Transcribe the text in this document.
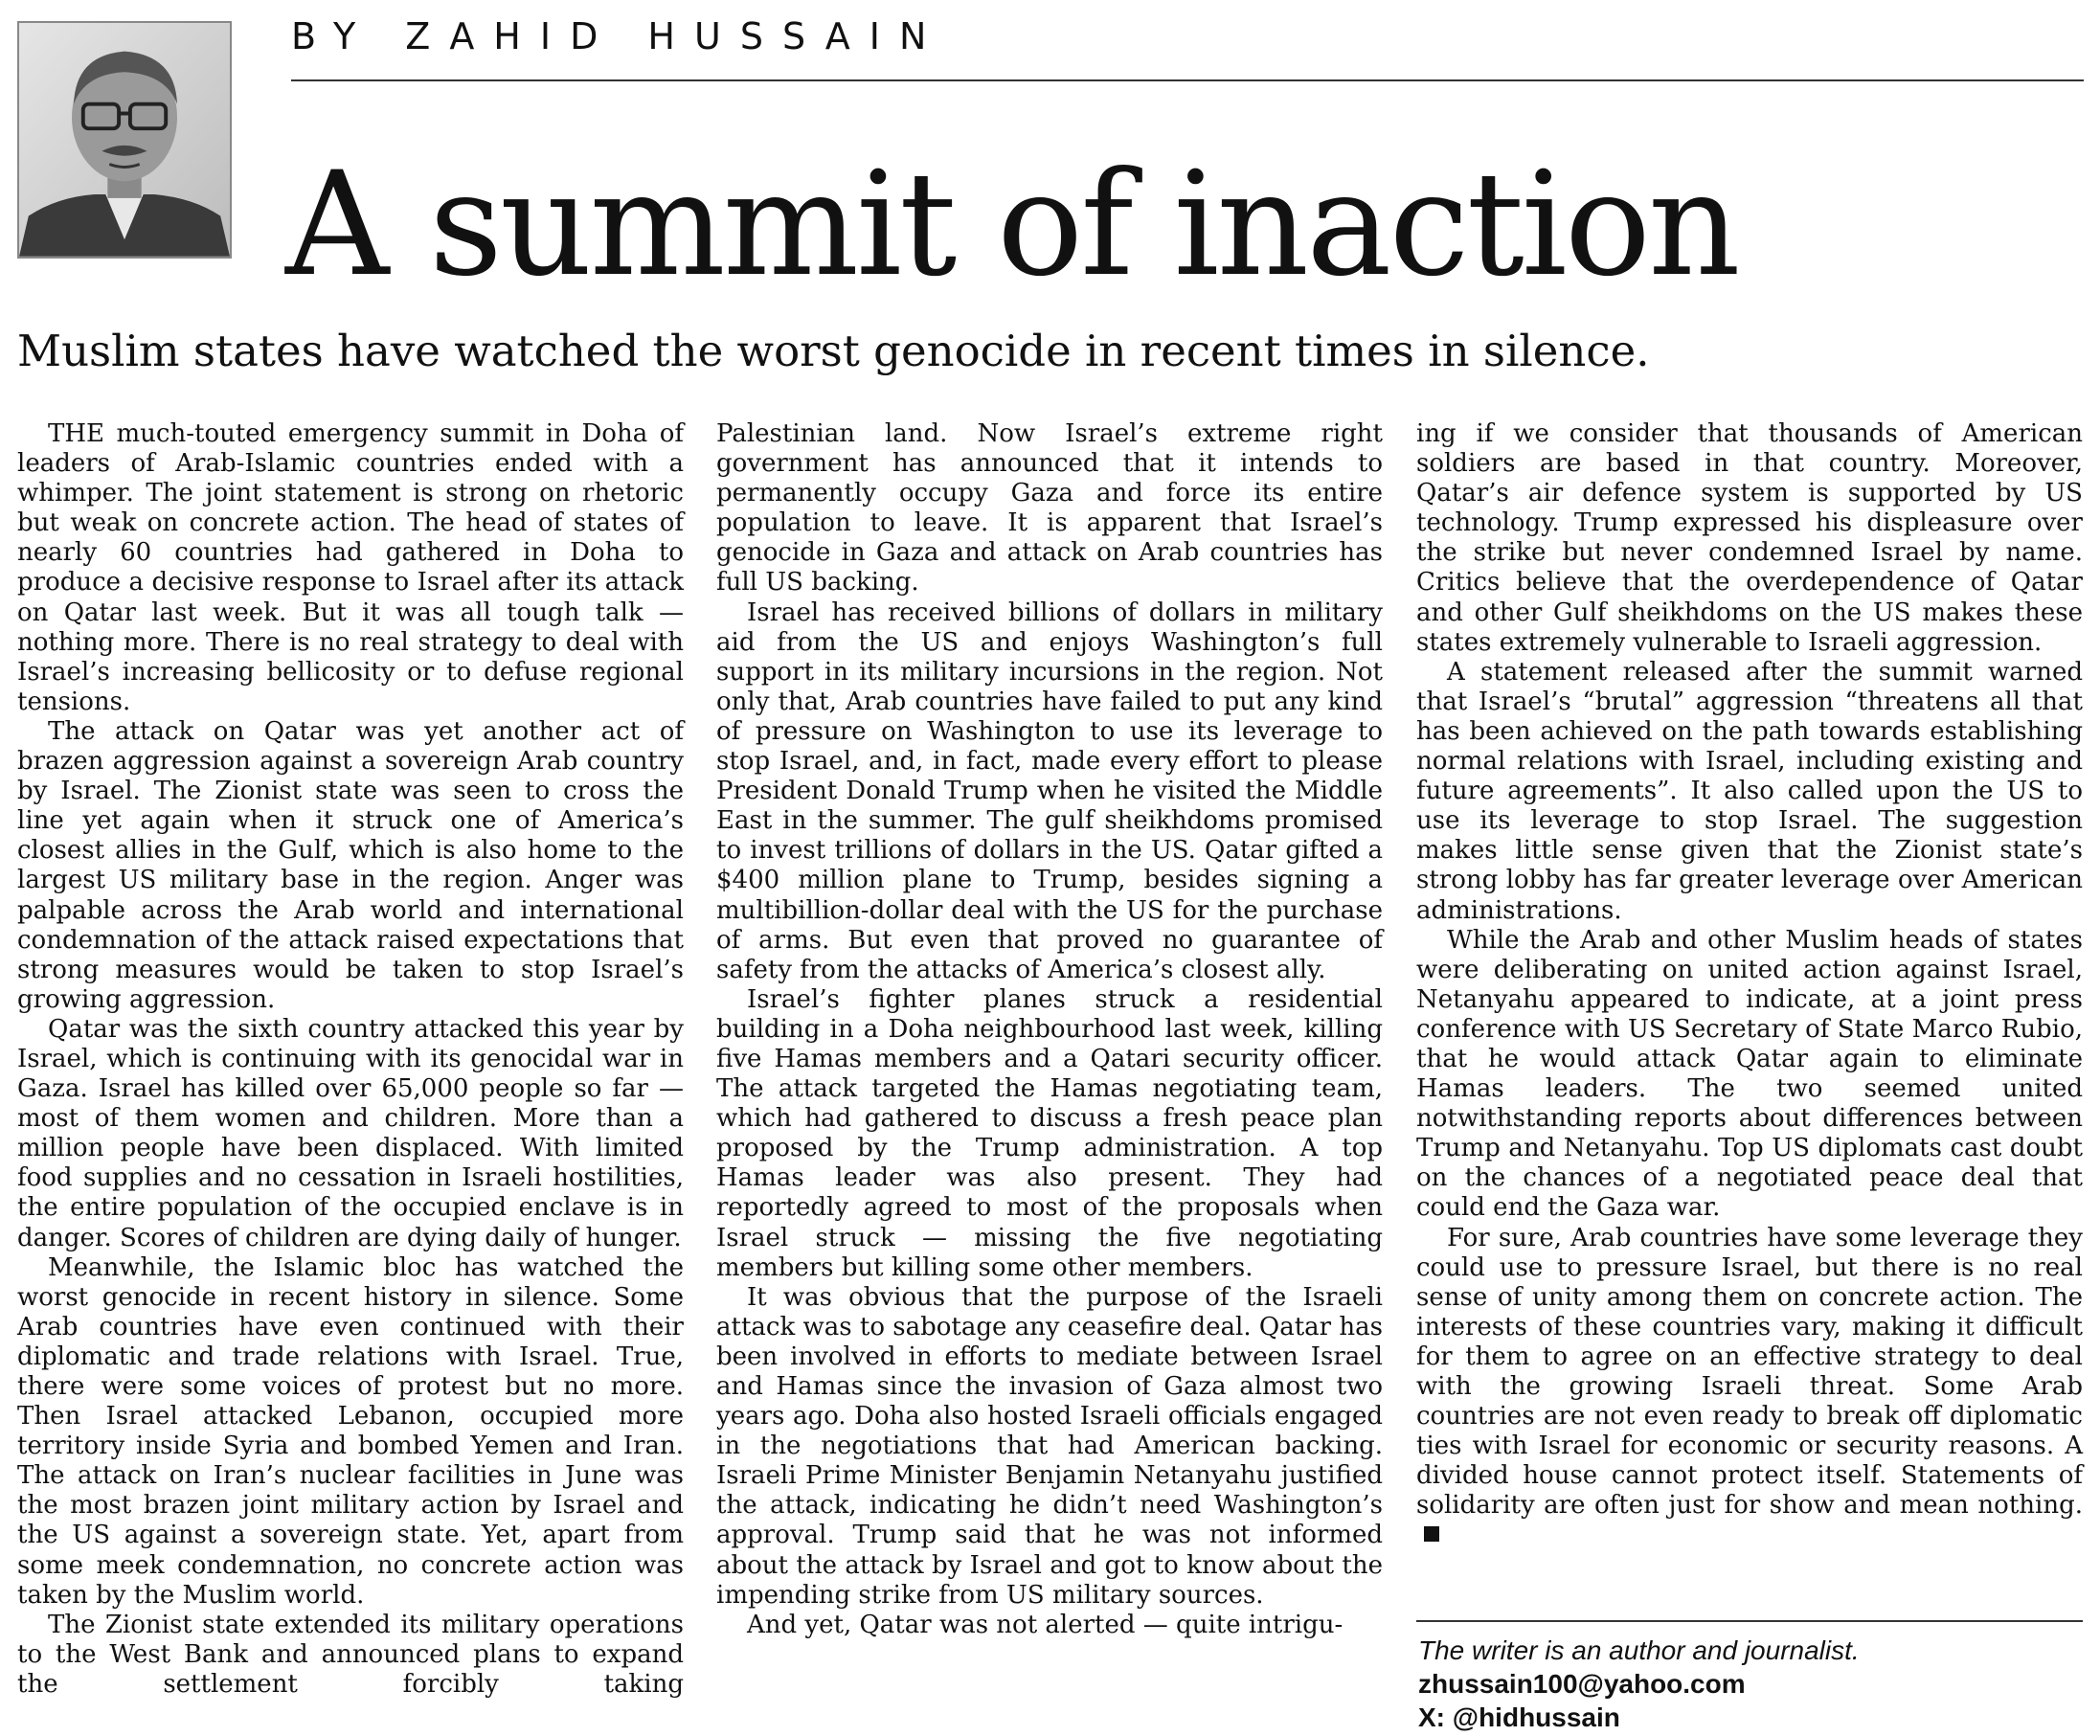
BY ZAHID HUSSAIN
A summit of inaction
Muslim states have watched the worst genocide in recent times in silence.

THE much-touted emergency summit in Doha of leaders of Arab-Islamic countries ended with a whimper. The joint statement is strong on rhetoric but weak on concrete action. The head of states of nearly 60 countries had gathered in Doha to produce a decisive response to Israel after its attack on Qatar last week. But it was all tough talk — nothing more. There is no real strategy to deal with Israel’s increasing bellicosity or to defuse regional tensions.

The attack on Qatar was yet another act of brazen aggression against a sovereign Arab country by Israel. The Zionist state was seen to cross the line yet again when it struck one of America’s closest allies in the Gulf, which is also home to the largest US military base in the region. Anger was palpable across the Arab world and international condemnation of the attack raised expectations that strong measures would be taken to stop Israel’s growing aggression.

Qatar was the sixth country attacked this year by Israel, which is continuing with its genocidal war in Gaza. Israel has killed over 65,000 people so far — most of them women and children. More than a million people have been displaced. With limited food supplies and no cessation in Israeli hostilities, the entire population of the occupied enclave is in danger. Scores of children are dying daily of hunger.

Meanwhile, the Islamic bloc has watched the worst genocide in recent history in silence. Some Arab countries have even continued with their diplomatic and trade relations with Israel. True, there were some voices of protest but no more. Then Israel attacked Lebanon, occupied more territory inside Syria and bombed Yemen and Iran. The attack on Iran’s nuclear facilities in June was the most brazen joint military action by Israel and the US against a sovereign state. Yet, apart from some meek condemnation, no concrete action was taken by the Muslim world.

The Zionist state extended its military operations to the West Bank and announced plans to expand the settlement forcibly taking

Palestinian land. Now Israel’s extreme right government has announced that it intends to permanently occupy Gaza and force its entire population to leave. It is apparent that Israel’s genocide in Gaza and attack on Arab countries has full US backing.

Israel has received billions of dollars in military aid from the US and enjoys Washington’s full support in its military incursions in the region. Not only that, Arab countries have failed to put any kind of pressure on Washington to use its leverage to stop Israel, and, in fact, made every effort to please President Donald Trump when he visited the Middle East in the summer. The gulf sheikhdoms promised to invest trillions of dollars in the US. Qatar gifted a $400 million plane to Trump, besides signing a multibillion-dollar deal with the US for the purchase of arms. But even that proved no guarantee of safety from the attacks of America’s closest ally.

Israel’s fighter planes struck a residential building in a Doha neighbourhood last week, killing five Hamas members and a Qatari security officer. The attack targeted the Hamas negotiating team, which had gathered to discuss a fresh peace plan proposed by the Trump administration. A top Hamas leader was also present. They had reportedly agreed to most of the proposals when Israel struck — missing the five negotiating members but killing some other members.

It was obvious that the purpose of the Israeli attack was to sabotage any ceasefire deal. Qatar has been involved in efforts to mediate between Israel and Hamas since the invasion of Gaza almost two years ago. Doha also hosted Israeli officials engaged in the negotiations that had American backing. Israeli Prime Minister Benjamin Netanyahu justified the attack, indicating he didn’t need Washington’s approval. Trump said that he was not informed about the attack by Israel and got to know about the impending strike from US military sources.

And yet, Qatar was not alerted — quite intrigu-

ing if we consider that thousands of American soldiers are based in that country. Moreover, Qatar’s air defence system is supported by US technology. Trump expressed his displeasure over the strike but never condemned Israel by name. Critics believe that the overdependence of Qatar and other Gulf sheikhdoms on the US makes these states extremely vulnerable to Israeli aggression.

A statement released after the summit warned that Israel’s “brutal” aggression “threatens all that has been achieved on the path towards establishing normal relations with Israel, including existing and future agreements”. It also called upon the US to use its leverage to stop Israel. The suggestion makes little sense given that the Zionist state’s strong lobby has far greater leverage over American administrations.

While the Arab and other Muslim heads of states were deliberating on united action against Israel, Netanyahu appeared to indicate, at a joint press conference with US Secretary of State Marco Rubio, that he would attack Qatar again to eliminate Hamas leaders. The two seemed united notwithstanding reports about differences between Trump and Netanyahu. Top US diplomats cast doubt on the chances of a negotiated peace deal that could end the Gaza war.

For sure, Arab countries have some leverage they could use to pressure Israel, but there is no real sense of unity among them on concrete action. The interests of these countries vary, making it difficult for them to agree on an effective strategy to deal with the growing Israeli threat. Some Arab countries are not even ready to break off diplomatic ties with Israel for economic or security reasons. A divided house cannot protect itself. Statements of solidarity are often just for show and mean nothing.

The writer is an author and journalist.
zhussain100@yahoo.com
X: @hidhussain
